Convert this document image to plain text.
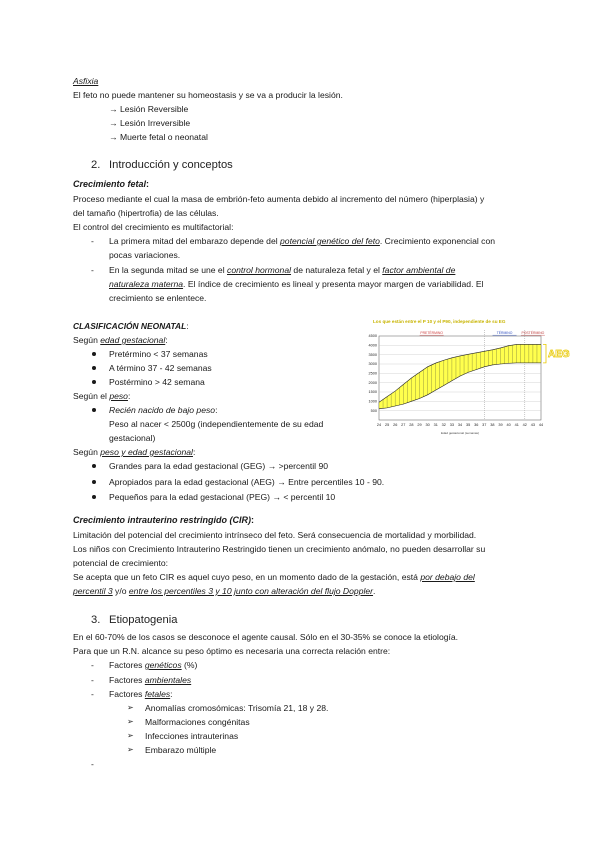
Asfixia
El feto no puede mantener su homeostasis y se va a producir la lesión.
→ Lesión Reversible
→ Lesión Irreversible
→ Muerte fetal o neonatal
2. Introducción y conceptos
Crecimiento fetal:
Proceso mediante el cual la masa de embrión-feto aumenta debido al incremento del número (hiperplasia) y
del tamaño (hipertrofia) de las células.
El control del crecimiento es multifactorial:
- La primera mitad del embarazo depende del potencial genético del feto. Crecimiento exponencial con
pocas variaciones.
- En la segunda mitad se une el control hormonal de naturaleza fetal y el factor ambiental de
naturaleza materna. El índice de crecimiento es lineal y presenta mayor margen de variabilidad. El
crecimiento se enlentece.
CLASIFICACIÓN NEONATAL:
Según edad gestacional:
Pretérmino < 37 semanas
A término 37 - 42 semanas
Postérmino > 42 semana
Según el peso:
Recién nacido de bajo peso:
Peso al nacer < 2500g (independientemente de su edad
gestacional)
Según peso y edad gestacional:
Grandes para la edad gestacional (GEG) → >percentil 90
Apropiados para la edad gestacional (AEG) → Entre percentiles 10 - 90.
Pequeños para la edad gestacional (PEG) → < percentil 10
Los que están entre el P 10 y el P90, independiente de su EG
PRETÉRMINO	TÉRMINO	POSTÉRMINO
500
1000
1500
2000
2500
3000
3500
4000
4500
24 25 26 27 28 29 30 31 32 33 34 35 36 37 38 39 40 41 42 43 44
AEG
Edad gestacional (semanas)
Crecimiento intrauterino restringido (CIR):
Limitación del potencial del crecimiento intrínseco del feto. Será consecuencia de mortalidad y morbilidad.
Los niños con Crecimiento Intrauterino Restringido tienen un crecimiento anómalo, no pueden desarrollar su
potencial de crecimiento:
Se acepta que un feto CIR es aquel cuyo peso, en un momento dado de la gestación, está por debajo del
percentil 3 y/o entre los percentiles 3 y 10 junto con alteración del flujo Doppler.
3. Etiopatogenia
En el 60-70% de los casos se desconoce el agente causal. Sólo en el 30-35% se conoce la etiología.
Para que un R.N. alcance su peso óptimo es necesaria una correcta relación entre:
- Factores genéticos (%)
- Factores ambientales
- Factores fetales:
➢ Anomalías cromosómicas: Trisomía 21, 18 y 28.
➢ Malformaciones congénitas
➢ Infecciones intrauterinas
➢ Embarazo múltiple
-
